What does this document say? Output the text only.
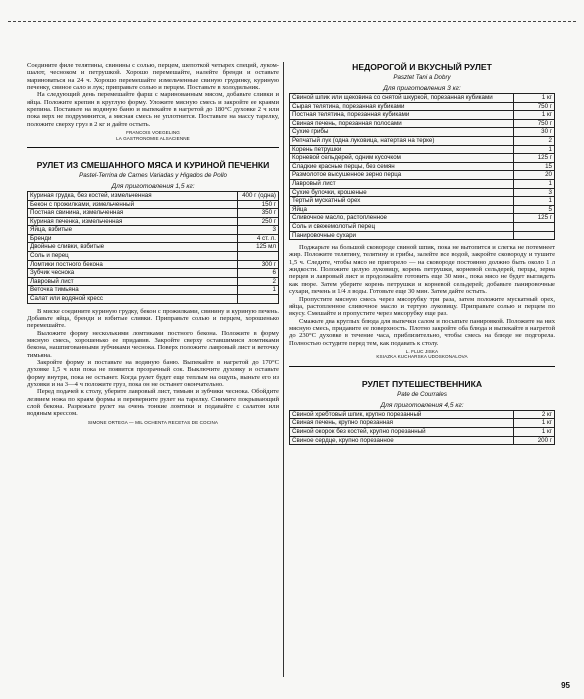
Соедините филе телятины, свинины с солью, перцем, шепоткой четырех специй, луком-шалот, чесноком и петрушкой. Хорошо перемешайте, налейте бренди и оставьте мариноваться на 24 ч. Хорошо перемешайте измельченные свиную грудинку, куриную печенку, свиное сало и лук; приправьте солью и перцем. Поставьте в холодильник.

На следующий день перемешайте фарш с маринованным мясом, добавьте сливки и яйца. Положите крепин в круглую форму. Уложите мясную смесь и закройте ее краями крепина. Поставьте на водяную баню и выпекайте в нагретой до 180°С духовке 2 ч или пока верх не подрумянится, а мясная смесь не уплотнится. Поставьте на массу тарелку, положите сверху груз в 2 кг и дайте остыть.

FRANCOIS VOEGELING
LA GASTRONOMIE ALSACIENNE
РУЛЕТ ИЗ СМЕШАННОГО МЯСА И КУРИНОЙ ПЕЧЕНКИ
Pastel-Terrina de Carnes Variadas y Higados de Pollo
Для приготовления 1,5 кг:
Куриная грудка, без костей, измельченная	400 г (одна)
Бекон с прожилками, измельченный	150 г
Постная свинина, измельченная	350 г
Куриная печенка, измельченная	250 г
Яйца, взбитые	3
Бренди	4 ст. л.
Двойные сливки, взбитые	125 мл
Соль и перец	
Ломтики постного бекона	300 г
Зубчик чеснока	6
Лавровый лист	2
Веточка тимьяна	1
Салат или водяной кресс	

В миске соедините куриную грудку, бекон с прожилками, свинину и куриную печень. Добавьте яйца, бренди и взбитые сливки. Приправьте солью и перцем, хорошенько перемешайте.

Выложите форму несколькими ломтиками постного бекона. Положите в форму мясную смесь, хорошенько ее придавив. Закройте сверху оставшимися ломтиками бекона, нашпигованными зубчиками чеснока. Поверх положите лавровый лист и веточку тимьяна.

Закройте форму и поставьте на водяную баню. Выпекайте в нагретой до 170°С духовке 1,5 ч или пока не появится прозрачный сок. Выключите духовку и оставьте форму внутри, пока не остынет. Когда рулет будет еще теплым на ощупь, выньте его из духовки и на 3—4 ч положите груз, пока он не остынет окончательно.

Перед подачей к столу, уберите лавровый лист, тимьян и зубчики чеснока. Обойдите лезвием ножа по краям формы и переверните рулет на тарелку. Снимите покрывающий слой бекона. Разрежьте рулет на очень тонкие ломтики и подавайте с салатом или водяным крессом.

SIMONE ORTEGA — MIL OCHENTA RECETAS DE COCINA
НЕДОРОГОЙ И ВКУСНЫЙ РУЛЕТ
Pasztet Tani a Dobry
Для приготовления 3 кг:
Свиной шпик или щековина со снятой шкуркой, порезанная кубиками	1 кг
Сырая телятина, порезанная кубиками	750 г
Постная телятина, порезанная кубиками	1 кг
Свиная печень, порезанная полосами	750 г
Сухие грибы	30 г
Репчатый лук (одна луковица, натертая на терке)	2
Корень петрушки	1
Корневой сельдерей, одним кусочком	125 г
Сладкие красные перцы, без семян	15
Размолотое высушенное зерно перца	20
Лавровый лист	1
Сухие булочки, крошеные	3
Тертый мускатный орех	1
Яйца	5
Сливочное масло, растопленное	125 г
Соль и свежемолотый перец	
Панировочные сухари	

Поджарьте на большой сковороде свиной шпик, пока не вытопится и слегка не потемнеет жир. Положите телятину, телятину и грибы, залейте все водой, закройте сковороду и тушите 1,5 ч. Следите, чтобы мясо не пригорело — на сковороде постоянно должно быть около 1 л жидкости. Положите целую луковицу, корень петрушки, корневой сельдерей, перцы, зерна перцев и лавровый лист и продолжайте готовить еще 30 мин., пока мясо не будет выглядеть как пюре. Затем уберите корень петрушки и корневой сельдерей; добавьте панировочные сухари, печень и 1/4 л воды. Готовьте еще 30 мин. Затем дайте остыть.

Пропустите мясную смесь через мясорубку три раза, затем положите мускатный орех, яйца, растопленное сливочное масло и тертую луковицу. Приправьте солью и перцем по вкусу. Смешайте и пропустите через мясорубку еще раз.

Смажьте два круглых блюда для выпечки салом и посыпьте панировкой. Положите на них мясную смесь, придавите ее поверхность. Плотно закройте оба блюда и выпекайте в нагретой до 230°С духовке в течение часа, приблизительно, чтобы смесь на блюде не подгорела. Полностью остудите перед тем, как подавать к столу.

L. FLUC JISKA
KSIAZKA KUCHARSKA UDOSKONALOVA
РУЛЕТ ПУТЕШЕСТВЕННИКА
Pate de Courrales
Для приготовления 4,5 кг:
Свиной хребтовый шпик, крупно порезанный	2 кг
Свиная печень, крупно порезанная	1 кг
Свиной окорок без костей, крупно порезанный	1 кг
Свиное сердце, крупно порезанное	200 г
95
